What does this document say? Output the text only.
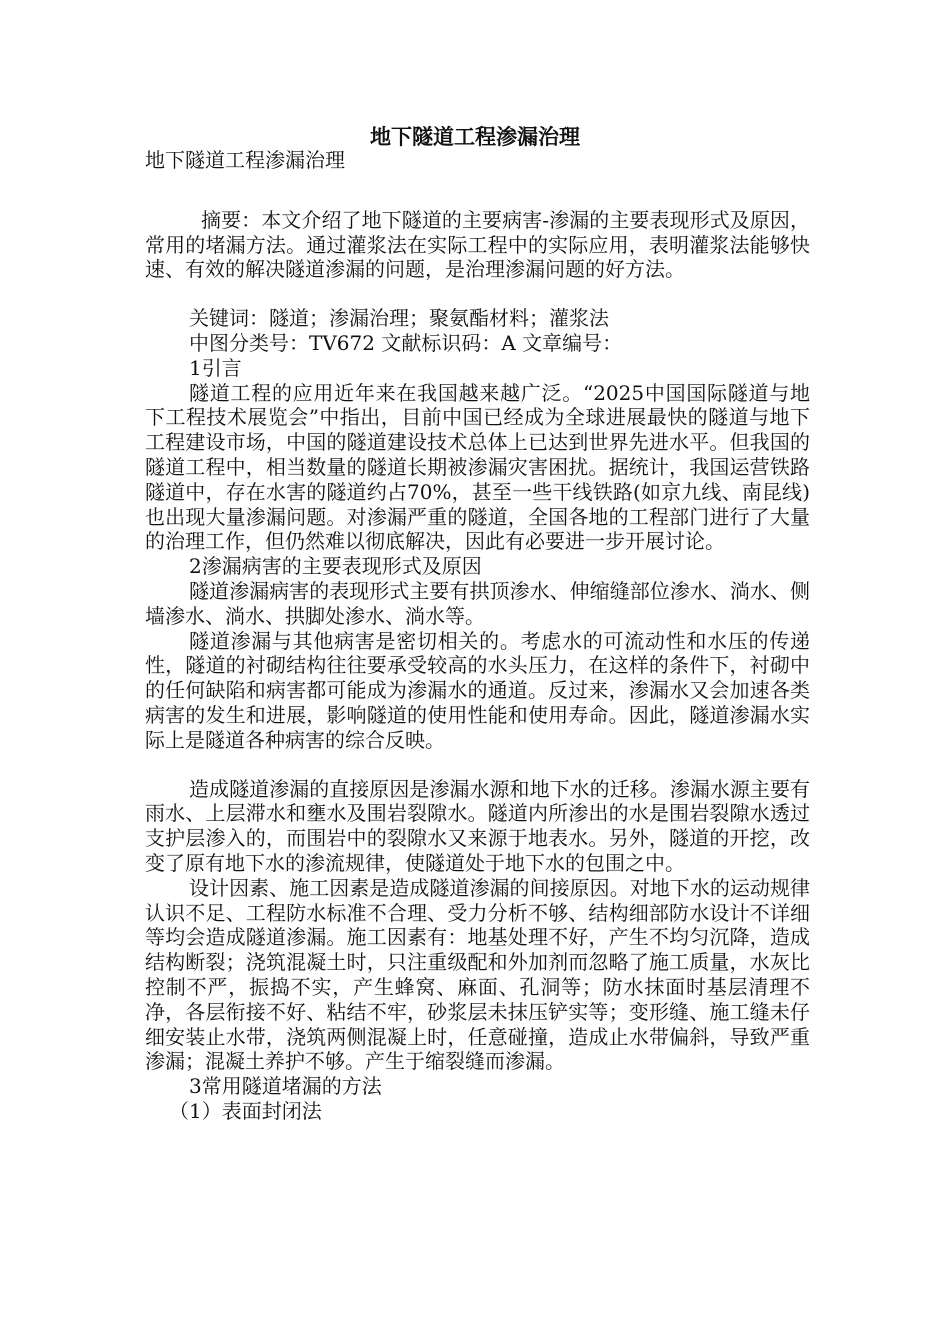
地下隧道工程渗漏治理

地下隧道工程渗漏治理

摘要：本文介绍了地下隧道的主要病害-渗漏的主要表现形式及原因，常用的堵漏方法。通过灌浆法在实际工程中的实际应用，表明灌浆法能够快速、有效的解决隧道渗漏的问题，是治理渗漏问题的好方法。

关键词：隧道；渗漏治理；聚氨酯材料；灌浆法

中图分类号：TV672 文献标识码：A 文章编号：

1引言

隧道工程的应用近年来在我国越来越广泛。“2025中国国际隧道与地下工程技术展览会”中指出，目前中国已经成为全球进展最快的隧道与地下工程建设市场，中国的隧道建设技术总体上已达到世界先进水平。但我国的隧道工程中，相当数量的隧道长期被渗漏灾害困扰。据统计，我国运营铁路隧道中，存在水害的隧道约占70%，甚至一些干线铁路(如京九线、南昆线)也出现大量渗漏问题。对渗漏严重的隧道，全国各地的工程部门进行了大量的治理工作，但仍然难以彻底解决，因此有必要进一步开展讨论。

2渗漏病害的主要表现形式及原因

隧道渗漏病害的表现形式主要有拱顶渗水、伸缩缝部位渗水、淌水、侧墙渗水、淌水、拱脚处渗水、淌水等。

隧道渗漏与其他病害是密切相关的。考虑水的可流动性和水压的传递性，隧道的衬砌结构往往要承受较高的水头压力，在这样的条件下，衬砌中的任何缺陷和病害都可能成为渗漏水的通道。反过来，渗漏水又会加速各类病害的发生和进展，影响隧道的使用性能和使用寿命。因此，隧道渗漏水实际上是隧道各种病害的综合反映。

造成隧道渗漏的直接原因是渗漏水源和地下水的迁移。渗漏水源主要有雨水、上层滞水和壅水及围岩裂隙水。隧道内所渗出的水是围岩裂隙水透过支护层渗入的，而围岩中的裂隙水又来源于地表水。另外，隧道的开挖，改变了原有地下水的渗流规律，使隧道处于地下水的包围之中。

设计因素、施工因素是造成隧道渗漏的间接原因。对地下水的运动规律认识不足、工程防水标准不合理、受力分析不够、结构细部防水设计不详细等均会造成隧道渗漏。施工因素有：地基处理不好，产生不均匀沉降，造成结构断裂；浇筑混凝土时，只注重级配和外加剂而忽略了施工质量，水灰比控制不严，振捣不实，产生蜂窝、麻面、孔洞等；防水抹面时基层清理不净，各层衔接不好、粘结不牢，砂浆层未抹压铲实等；变形缝、施工缝未仔细安装止水带，浇筑两侧混凝上时，任意碰撞，造成止水带偏斜，导致严重渗漏；混凝土养护不够。产生于缩裂缝而渗漏。

3常用隧道堵漏的方法

（1）表面封闭法
